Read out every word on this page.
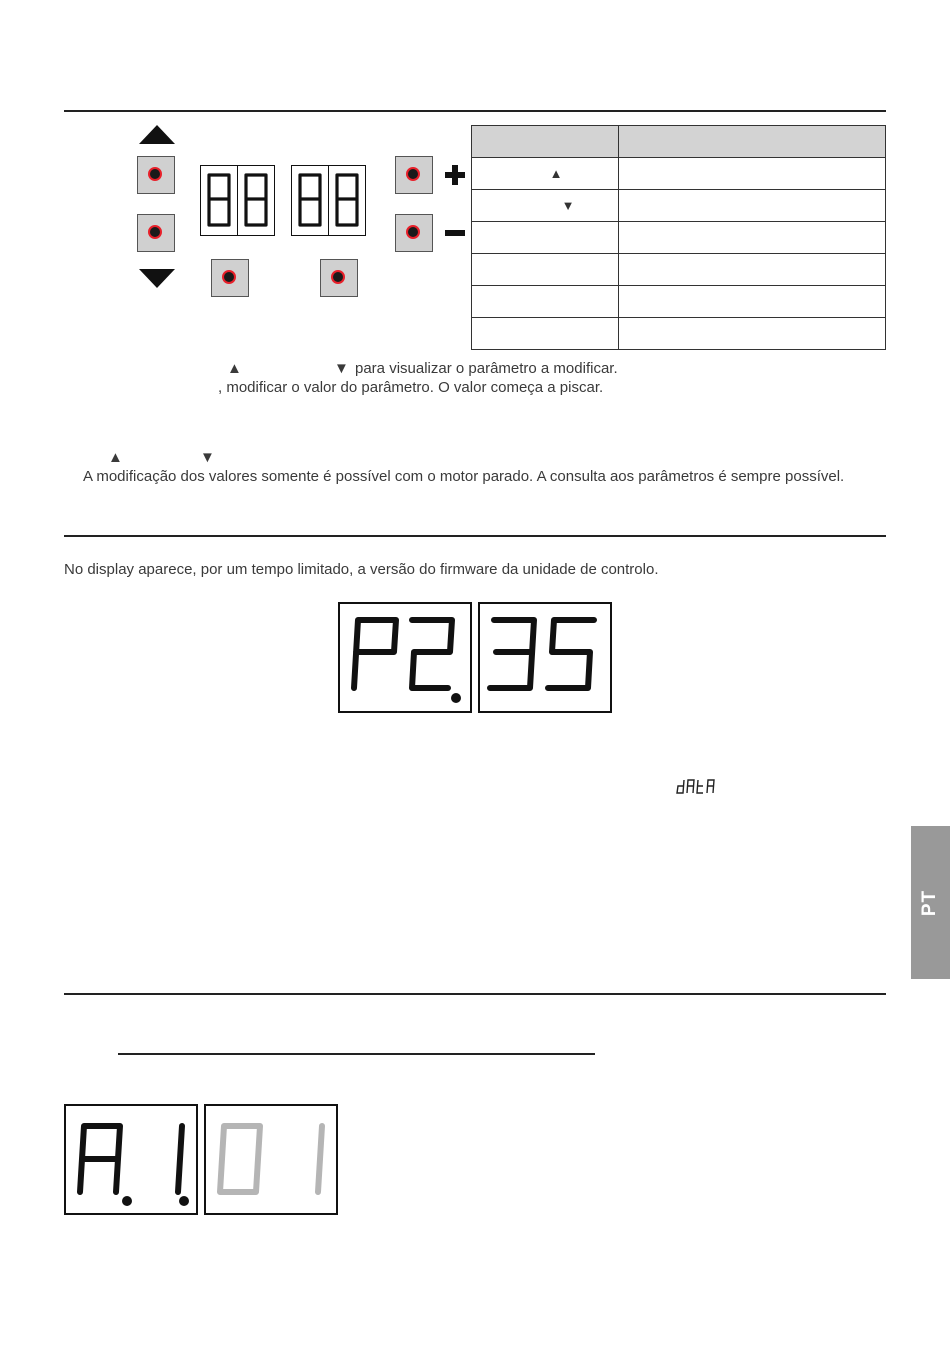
▲	
▼	

▲	▼ para visualizar o parâmetro a modificar.
, modificar o valor do parâmetro. O valor começa a piscar.
▲	▼
A modificação dos valores somente é possível com o motor parado. A consulta aos parâmetros é sempre possível.
No display aparece, por um tempo limitado, a versão do firmware da unidade de controlo.
PT
